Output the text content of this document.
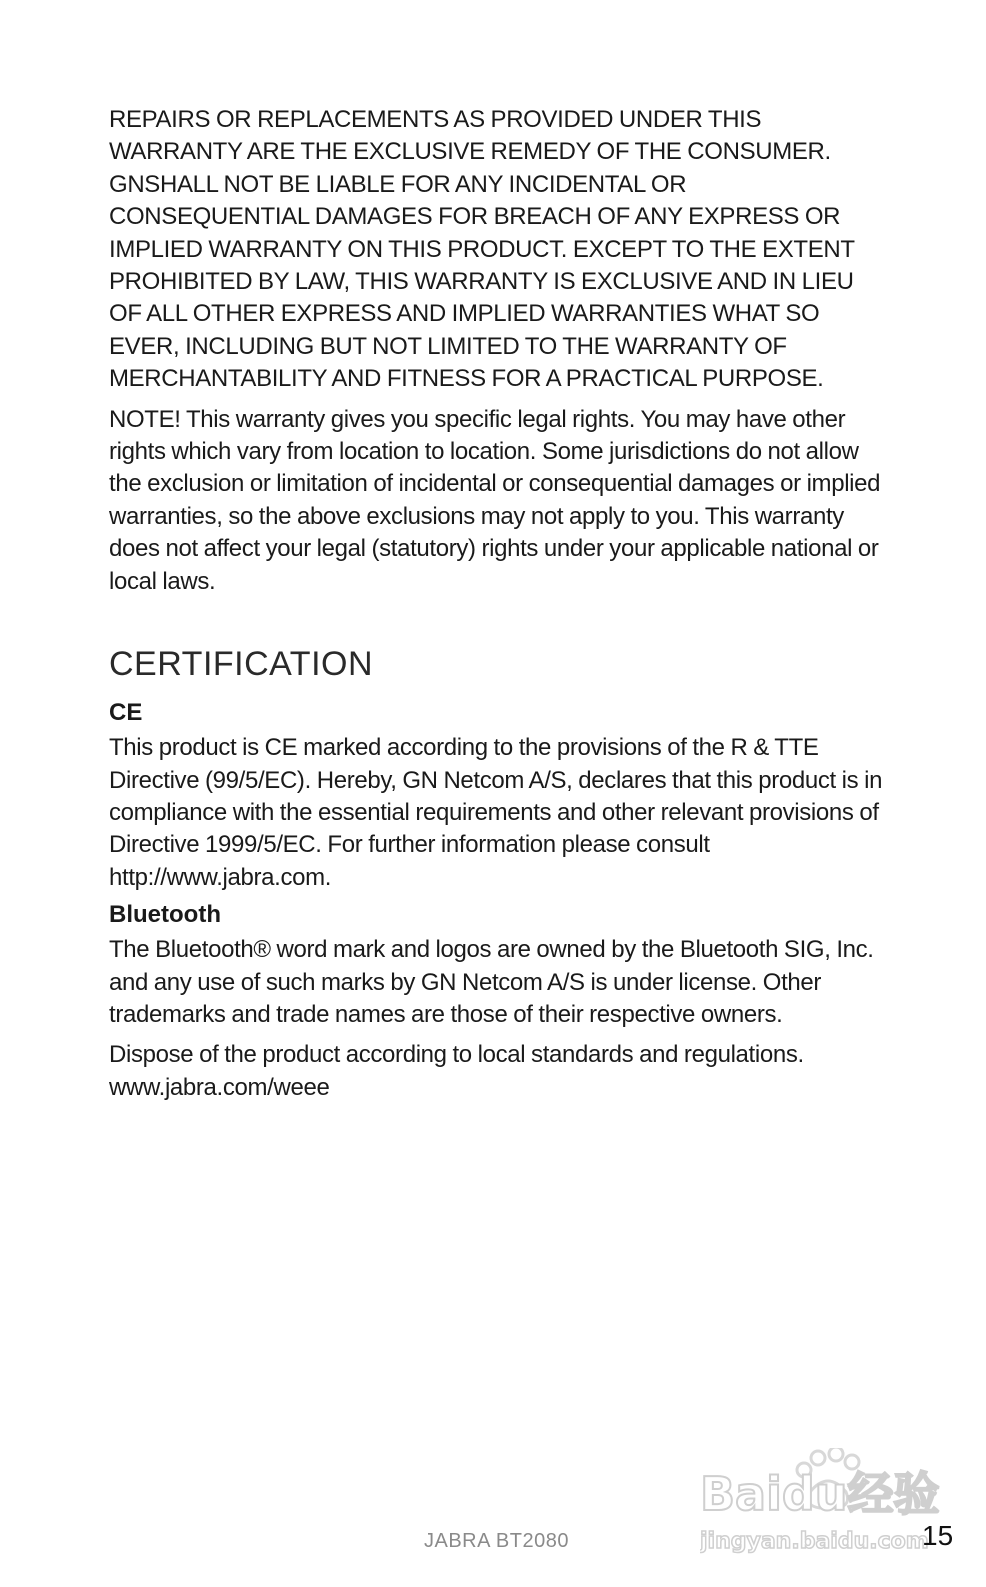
REPAIRS OR REPLACEMENTS AS PROVIDED UNDER THIS WARRANTY ARE THE EXCLUSIVE REMEDY OF THE CONSUMER. GNSHALL NOT BE LIABLE FOR ANY INCIDENTAL OR CONSEQUENTIAL DAMAGES FOR BREACH OF ANY EXPRESS OR IMPLIED WARRANTY ON THIS PRODUCT. EXCEPT TO THE EXTENT PROHIBITED BY LAW, THIS WARRANTY IS EXCLUSIVE AND IN LIEU OF ALL OTHER EXPRESS AND IMPLIED WARRANTIES WHAT SO EVER, INCLUDING BUT NOT LIMITED TO THE WARRANTY OF MERCHANTABILITY AND FITNESS FOR A PRACTICAL PURPOSE.

NOTE! This warranty gives you specific legal rights. You may have other rights which vary from location to location. Some jurisdictions do not allow the exclusion or limitation of incidental or consequential damages or implied warranties, so the above exclusions may not apply to you. This warranty does not affect your legal (statutory) rights under your applicable national or local laws.

CERTIFICATION
CE

This product is CE marked according to the provisions of the R & TTE Directive (99/5/EC). Hereby, GN Netcom A/S, declares that this product is in compliance with the essential requirements and other relevant provisions of Directive 1999/5/EC. For further information please consult http://www.jabra.com.

Bluetooth

The Bluetooth® word mark and logos are owned by the Bluetooth SIG, Inc. and any use of such marks by GN Netcom A/S is under license. Other trademarks and trade names are those of their respective owners.

Dispose of the product according to local standards and regulations.
www.jabra.com/weee

JABRA BT2080
Baidu经验
jingyan.baidu.com
15
